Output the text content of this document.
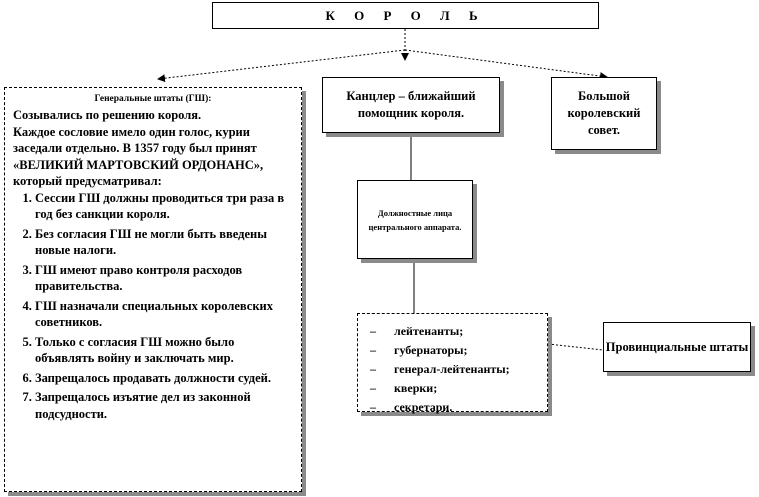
К О Р О Л Ь
Генеральные штаты (ГШ):
Созывались по решению короля.
Каждое сословие имело один голос, курии заседали отдельно. В 1357 году был принят «ВЕЛИКИЙ МАРТОВСКИЙ ОРДОНАНС», который предусматривал:
1. Сессии ГШ должны проводиться три раза в год без санкции короля.
2. Без согласия ГШ не могли быть введены новые налоги.
3. ГШ имеют право контроля расходов правительства.
4. ГШ назначали специальных королевских советников.
5. Только с согласия ГШ можно было объявлять войну и заключать мир.
6. Запрещалось продавать должности судей.
7. Запрещалось изъятие дел из законной подсудности.
Канцлер – ближайший помощник короля.
Большой королевский совет.
Должностные лица центрального аппарата.
–	лейтенанты;
–	губернаторы;
–	генерал-лейтенанты;
–	кверки;
–	секретари.
Провинциальные штаты
